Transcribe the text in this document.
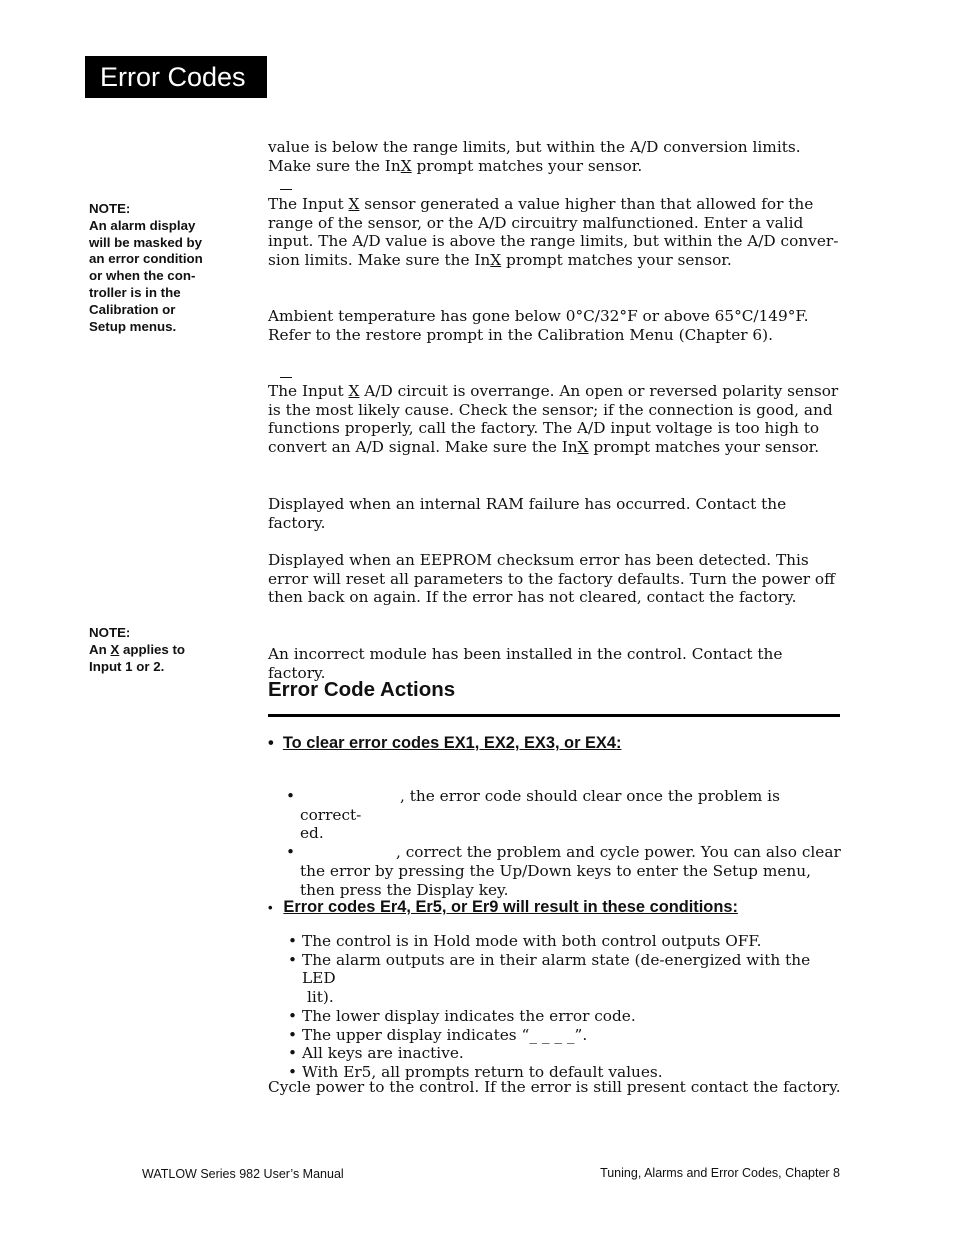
Error Codes
NOTE:
An alarm display
will be masked by
an error condition
or when the con-
troller is in the
Calibration or
Setup menus.
NOTE:
An X applies to
Input 1 or 2.
value is below the range limits, but within the A/D conversion limits.
Make sure the InX prompt matches your sensor.
The Input X sensor generated a value higher than that allowed for the
range of the sensor, or the A/D circuitry malfunctioned. Enter a valid
input. The A/D value is above the range limits, but within the A/D conver-
sion limits. Make sure the InX prompt matches your sensor.
Ambient temperature has gone below 0°C/32°F or above 65°C/149°F.
Refer to the restore prompt in the Calibration Menu (Chapter 6).
The Input X A/D circuit is overrange. An open or reversed polarity sensor
is the most likely cause. Check the sensor; if the connection is good, and
functions properly, call the factory. The A/D input voltage is too high to
convert an A/D signal. Make sure the InX prompt matches your sensor.
Displayed when an internal RAM failure has occurred. Contact the factory.
Displayed when an EEPROM checksum error has been detected. This
error will reset all parameters to the factory defaults. Turn the power off
then back on again. If the error has not cleared, contact the factory.
An incorrect module has been installed in the control. Contact the factory.
Error Code Actions
•  To clear error codes EX1, EX2, EX3, or EX4:
•	, the error code should clear once the problem is correct-
ed.
•	, correct the problem and cycle power. You can also clear
the error by pressing the Up/Down keys to enter the Setup menu,
then press the Display key.
•   Error codes Er4, Er5, or Er9 will result in these conditions:
• The control is in Hold mode with both control outputs OFF.
• The alarm outputs are in their alarm state (de-energized with the LED
lit).
• The lower display indicates the error code.
• The upper display indicates “_ _ _ _”.
• All keys are inactive.
• With Er5, all prompts return to default values.
Cycle power to the control. If the error is still present contact the factory.
WATLOW Series 982 User’s Manual	Tuning, Alarms and Error Codes, Chapter 8
